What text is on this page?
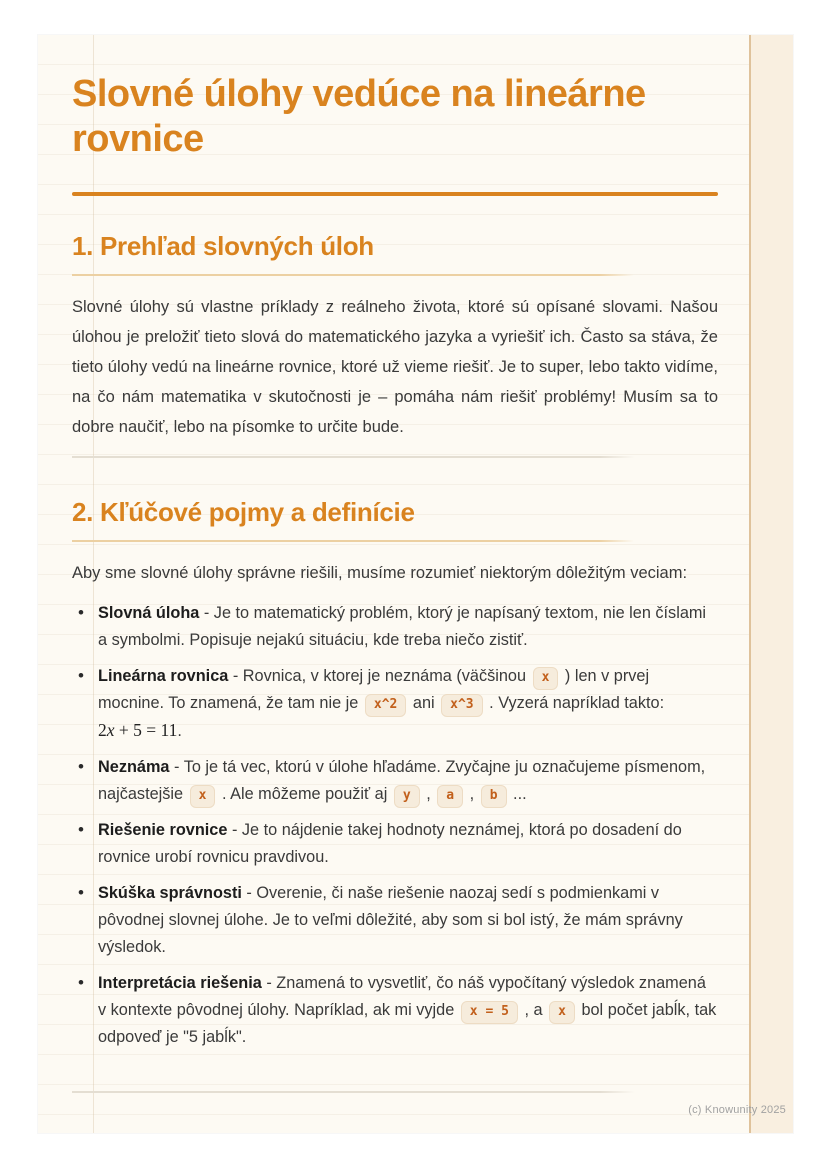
Slovné úlohy vedúce na lineárne rovnice
1. Prehľad slovných úloh

Slovné úlohy sú vlastne príklady z reálneho života, ktoré sú opísané slovami. Našou úlohou je preložiť tieto slová do matematického jazyka a vyriešiť ich. Často sa stáva, že tieto úlohy vedú na lineárne rovnice, ktoré už vieme riešiť. Je to super, lebo takto vidíme, na čo nám matematika v skutočnosti je – pomáha nám riešiť problémy! Musím sa to dobre naučiť, lebo na písomke to určite bude.

2. Kľúčové pojmy a definície

Aby sme slovné úlohy správne riešili, musíme rozumieť niektorým dôležitým veciam:

• Slovná úloha - Je to matematický problém, ktorý je napísaný textom, nie len číslami a symbolmi. Popisuje nejakú situáciu, kde treba niečo zistiť.
• Lineárna rovnica - Rovnica, v ktorej je neznáma (väčšinou x ) len v prvej mocnine. To znamená, že tam nie je x^2 ani x^3 . Vyzerá napríklad takto: 2x + 5 = 11.
• Neznáma - To je tá vec, ktorú v úlohe hľadáme. Zvyčajne ju označujeme písmenom, najčastejšie x . Ale môžeme použiť aj y , a , b ...
• Riešenie rovnice - Je to nájdenie takej hodnoty neznámej, ktorá po dosadení do rovnice urobí rovnicu pravdivou.
• Skúška správnosti - Overenie, či naše riešenie naozaj sedí s podmienkami v pôvodnej slovnej úlohe. Je to veľmi dôležité, aby som si bol istý, že mám správny výsledok.
• Interpretácia riešenia - Znamená to vysvetliť, čo náš vypočítaný výsledok znamená v kontexte pôvodnej úlohy. Napríklad, ak mi vyjde x = 5 , a x bol počet jabĺk, tak odpoveď je "5 jabĺk".
(c) Knowunity 2025
